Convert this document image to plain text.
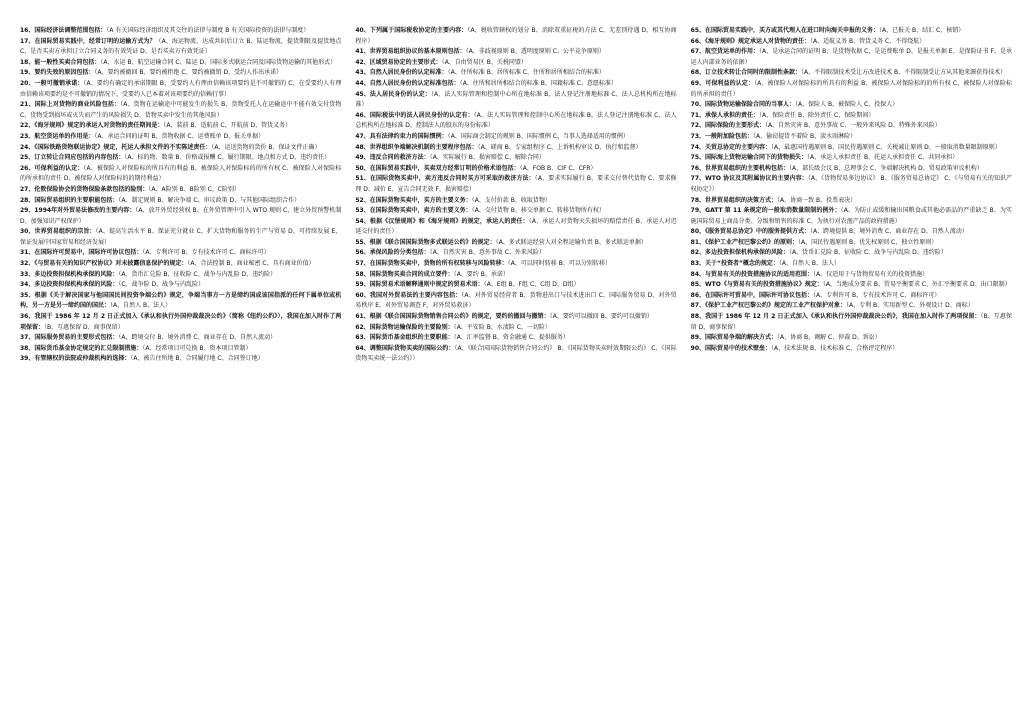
16、国际经济法调整范围包括：（A 有关国际经济组织及其交往的法律与制度 B 有关国际投资的法律与制度）

17、在国际贸易实践中，经常订明的运输方式为？（A、海运物流，达成共识后订立 B、陆运物流，提货期限及提货地点 C、是否买卖方承担订立合同义务的有效凭证 D、是否买卖方有效凭证）

18、能一般性买卖合同包括：（A、水运 B、航空运输合同 C、陆运 D、国际多式联运合同及国际货物运输的其他形式）

19、要约失效的原因包括：（A、要约被撤回 B、要约被拒绝 C、要约被撤销 D、受约人作出承诺）

20、一般可撤销承诺：（A、要约有确定的承诺期限 B、受要约人有理由信赖该项要约是不可撤销的 C、在受要约人有理由信赖该项要约是不可撤销的情况下，受要约人已本着对该项要约的信赖行事）

21、国际上对货物的商业风险包括：（A、货物在运输途中可能发生的损失 B、货物受托人在运输途中不能有效交付货物 C、货物受到损坏或灭失而产生的风险损失 D、货物买卖中发生的其他风险）

22、《海牙规则》规定的承运人对货物的责任期间是：（A、装前 B、适航前 C、开航前 D、管货义务）

23、航空货运单的作用是：（A、承运合同的证明 B、货物收据 C、运费账单 D、报关单据）

24、《国际铁路货物联运协定》规定，托运人承担文件的不实陈述责任：（A、运送货物的货价 B、保证文件正确）

25、订立转让合同应包括的内容包括：（A、标的物、数量 B、价格或报酬 C、履行期限、地点和方式 D、违约责任）

26、可保利益的认定：（A、被保险人对保险标的所具有的利益 B、被保险人对保险标的的所有权 C、被保险人对保险标的所承担的责任 D、被保险人对保险标的的期待利益）

27、伦敦保险协会的货物保险条款包括的险别：（A、A险别 B、B险别 C、C险别）

28、国际贸易组织的主要职能包括：（A、制定规则 B、解决争端 C、审议政策 D、与其他国际组织合作）

29、1994年对外贸易法修改的主要内容：（A、放开外贸经营权 B、在外贸管理中引入 WTO 规则 C、建立外贸预警机制 D、加强知识产权保护）

30、世界贸易组织的宗旨：（A、提高生活水平 B、保证充分就业 C、扩大货物和服务的生产与贸易 D、可持续发展 E、保证发展中国家贸易和经济发展）

31、在国际许可贸易中，国际许可协议包括：（A、专利许可 B、专有技术许可 C、商标许可）

32、《与贸易有关的知识产权协议》对未披露信息保护的规定：（A、合法控制 B、商业秘密 C、具有商业价值）

33、多边投资担保机构承保的风险：（A、货币汇兑险 B、征收险 C、战争与内乱险 D、违约险）

34、多边投资担保机构承保的风险：（C、战争险 D、战争与内乱险）

35、根据《关于解决国家与他国国民间投资争端公约》规定，争端当事方一方是缔约国或该国指派的任何下属单位或机构，另一方是另一缔约国的国民：（A、自然人 B、法人）

36、我国于 1986 年 12 月 2 日正式加入《承认和执行外国仲裁裁决公约》（简称《纽约公约》），我国在加入时作了两项保留：（B、互惠保留 D、商事保留）

37、国际服务贸易的主要形式包括：（A、跨境交付 B、境外消费 C、商业存在 D、自然人流动）

38、国际货币基金协定规定的汇兑限制措施：（A、经常项目可兑换 B、资本项目管制）

39、有管辖权的法院或仲裁机构的选择：（A、被告住所地 B、合同履行地 C、合同签订地）

40、下列属于国际税收协定的主要内容：（A、税收管辖权的划分 B、消除双重征税的方法 C、无差别待遇 D、相互协商程序）

41、世界贸易组织协议的基本原则包括：（A、非歧视原则 B、透明度原则 C、公平竞争原则）

42、区域贸易协定的主要形式：（A、自由贸易区 B、关税同盟）

43、自然人居民身份的认定标准：（A、住所标准 B、居所标准 C、住所和居所相结合的标准）

44、自然人居民身份的认定标准包括：（A、住所和居所相结合的标准 B、国籍标准 C、意愿标准）

45、法人居民身份的认定：（A、法人实际管理和控制中心所在地标准 B、法人登记注册地标准 C、法人总机构所在地标准）

46、国际税法中的法人居民身份的认定有：（A、法人实际管理和控制中心所在地标准 B、法人登记注册地标准 C、法人总机构所在地标准 D、控制法人的股东的身份标准）

47、具有法律约束力的国际惯例：（A、国际商会制定的规则 B、国际惯例 C、当事人选择适用的惯例）

48、世界组织争端解决机制的主要程序包括：（A、磋商 B、专家组程序 C、上诉机构审议 D、执行和监督）

49、违反合同的救济方法：（A、实际履行 B、损害赔偿 C、解除合同）

50、在国际贸易实践中，买卖双方经常订明的价格术语包括：（A、FOB B、CIF C、CFR）

51、在国际货物买卖中，卖方违反合同时买方可采取的救济方法：（A、要求实际履行 B、要求交付替代货物 C、要求修理 D、减价 E、宣告合同无效 F、损害赔偿）

52、在国际货物买卖中，买方的主要义务：（A、支付价款 B、收取货物）

53、在国际货物买卖中，卖方的主要义务：（A、交付货物 B、移交单据 C、转移货物所有权）

54、根据《汉堡规则》和《海牙规则》的规定，承运人的责任：（A、承运人对货物灭失损坏的赔偿责任 B、承运人对迟延交付的责任）

55、根据《联合国国际货物多式联运公约》的规定：（A、多式联运经营人对全程运输负责 B、多式联运单据）

56、承保风险的分类包括：（A、自然灾害 B、意外事故 C、外来风险）

57、在国际货物买卖中，货物的所有权转移与风险转移：（A、可以同时转移 B、可以分别转移）

58、国际货物买卖合同的成立要件：（A、要约 B、承诺）

59、国际贸易术语解释通则中规定的贸易术语：（A、E组 B、F组 C、C组 D、D组）

60、我国对外贸易法的主要内容包括：（A、对外贸易经营者 B、货物进出口与技术进出口 C、国际服务贸易 D、对外贸易秩序 E、对外贸易调查 F、对外贸易救济）

61、根据《联合国国际货物销售合同公约》的规定，要约的撤回与撤销：（A、要约可以撤回 B、要约可以撤销）

62、国际货物运输保险的主要险别：（A、平安险 B、水渍险 C、一切险）

63、国际货币基金组织的主要职能：（A、汇率监督 B、资金融通 C、提供服务）

64、调整国际货物买卖的国际公约：（A、《联合国国际货物销售合同公约》 B、《国际货物买卖时效期限公约》 C、《国际货物买卖统一法公约》）

65、在国际贸易实践中，买方或其代理人在进口时向海关申报的义务：（A、已报关 B、结汇 C、核销）

66、《海牙规则》规定承运人对货物的责任：（A、适航义务 B、管货义务 C、不得绕航）

67、航空货运单的作用：（A、是承运合同的证明 B、是货物收据 C、是运费账单 D、是报关单据 E、是保险证书 F、是承运人内部业务的依据）

68、订立技术转让合同时的限制性条款：（A、不得限制技术受让方改进技术 B、不得限制受让方从其他来源获得技术）

69、可保利益的认定：（A、被保险人对保险标的所具有的利益 B、被保险人对保险标的的所有权 C、被保险人对保险标的所承担的责任）

70、国际货物运输保险合同的当事人：（A、保险人 B、被保险人 C、投保人）

71、承保人承担的责任：（A、保险责任 B、除外责任 C、保险期间）

72、国际保险的主要形式：（A、自然灾害 B、意外事故 C、一般外来风险 D、特殊外来风险）

73、一般附加险包括：（A、偷窃提货不着险 B、淡水雨淋险）

74、关贸总协定的主要内容：（A、最惠国待遇原则 B、国民待遇原则 C、关税减让原则 D、一般取消数量限制原则）

75、国际海上货物运输合同下的货物损失：（A、承运人承担责任 B、托运人承担责任 C、共同承担）

76、世界贸易组织的主要机构包括：（A、部长级会议 B、总理事会 C、争端解决机构 D、贸易政策审议机构）

77、WTO 协议及其附属协议的主要内容：（A、《货物贸易多边协议》 B、《服务贸易总协定》 C、《与贸易有关的知识产权协定》）

78、世界贸易组织的决策方式：（A、协商一致 B、投票表决）

79、GATT 第 11 条规定的一般取消数量限制的例外：（A、为防止或缓和输出国粮食或其他必需品的严重缺乏 B、为实施国际贸易上商品分类、分级和销售的标准 C、为执行对农渔产品的政府措施）

80、《服务贸易总协定》中的服务提供方式：（A、跨境提供 B、境外消费 C、商业存在 D、自然人流动）

81、《保护工业产权巴黎公约》的原则：（A、国民待遇原则 B、优先权原则 C、独立性原则）

82、多边投资担保机构承保的风险：（A、货币汇兑险 B、征收险 C、战争与内乱险 D、违约险）

83、关于“投资者”概念的规定：（A、自然人 B、法人）

84、与贸易有关的投资措施协议的适用范围：（A、仅适用于与货物贸易有关的投资措施）

85、WTO《与贸易有关的投资措施协议》规定：（A、当地成分要求 B、贸易平衡要求 C、外汇平衡要求 D、出口限制）

86、在国际许可贸易中，国际许可协议包括：（A、专利许可 B、专有技术许可 C、商标许可）

87、《保护工业产权巴黎公约》规定的工业产权保护对象：（A、专利 B、实用新型 C、外观设计 D、商标）

88、我国于 1986 年 12 月 2 日正式加入《承认和执行外国仲裁裁决公约》，我国在加入时作了两项保留：（B、互惠保留 D、商事保留）

89、国际贸易争端的解决方式：（A、协商 B、调解 C、仲裁 D、诉讼）

90、国际贸易中的技术壁垒：（A、技术法规 B、技术标准 C、合格评定程序）
